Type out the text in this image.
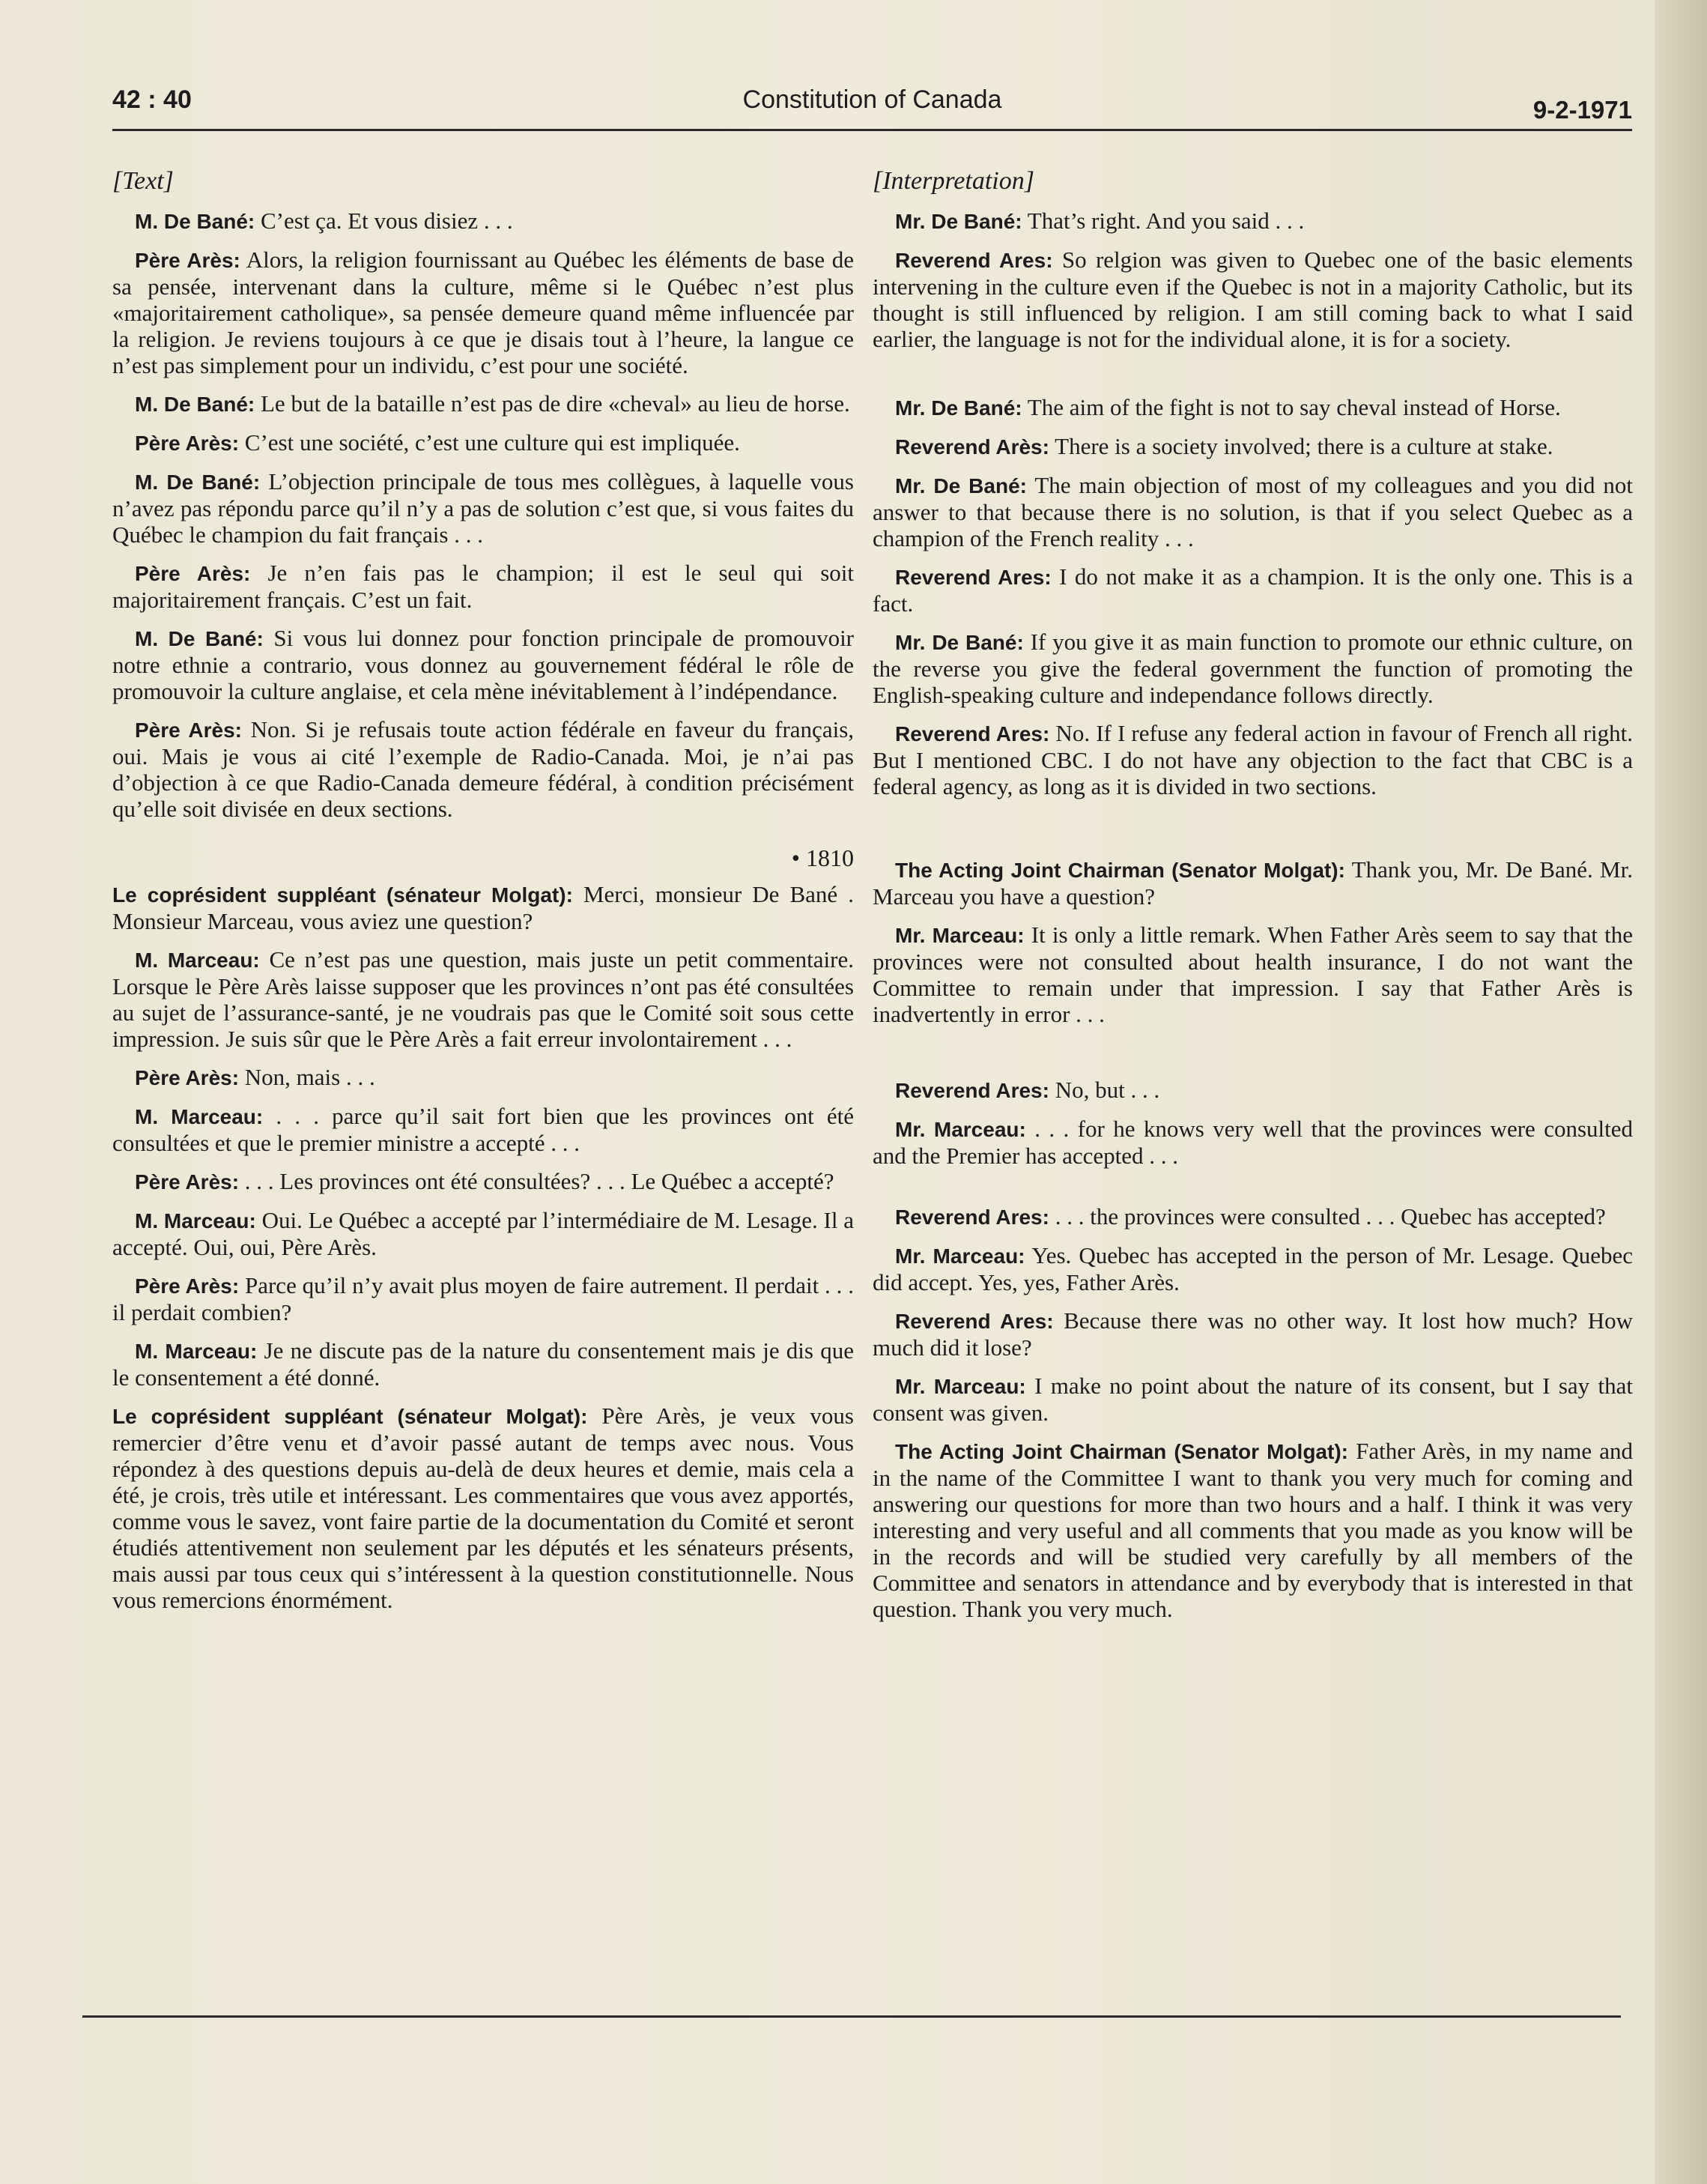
42 : 40	Constitution of Canada	9-2-1971
[Text]

M. De Bané: C’est ça. Et vous disiez . . .

Père Arès: Alors, la religion fournissant au Québec les éléments de base de sa pensée, intervenant dans la culture, même si le Québec n’est plus «majoritairement catholique», sa pensée demeure quand même influencée par la religion. Je reviens toujours à ce que je disais tout à l’heure, la langue ce n’est pas simplement pour un individu, c’est pour une société.

M. De Bané: Le but de la bataille n’est pas de dire «cheval» au lieu de horse.

Père Arès: C’est une société, c’est une culture qui est impliquée.

M. De Bané: L’objection principale de tous mes collègues, à laquelle vous n’avez pas répondu parce qu’il n’y a pas de solution c’est que, si vous faites du Québec le champion du fait français . . .

Père Arès: Je n’en fais pas le champion; il est le seul qui soit majoritairement français. C’est un fait.

M. De Bané: Si vous lui donnez pour fonction principale de promouvoir notre ethnie a contrario, vous donnez au gouvernement fédéral le rôle de promouvoir la culture anglaise, et cela mène inévitablement à l’indépendance.

Père Arès: Non. Si je refusais toute action fédérale en faveur du français, oui. Mais je vous ai cité l’exemple de Radio-Canada. Moi, je n’ai pas d’objection à ce que Radio-Canada demeure fédéral, à condition précisément qu’elle soit divisée en deux sections.

• 1810

Le coprésident suppléant (sénateur Molgat): Merci, monsieur De Bané . Monsieur Marceau, vous aviez une question?

M. Marceau: Ce n’est pas une question, mais juste un petit commentaire. Lorsque le Père Arès laisse supposer que les provinces n’ont pas été consultées au sujet de l’assurance-santé, je ne voudrais pas que le Comité soit sous cette impression. Je suis sûr que le Père Arès a fait erreur involontairement . . .

Père Arès: Non, mais . . .

M. Marceau: . . . parce qu’il sait fort bien que les provinces ont été consultées et que le premier ministre a accepté . . .

Père Arès: . . . Les provinces ont été consultées? . . . Le Québec a accepté?

M. Marceau: Oui. Le Québec a accepté par l’intermédiaire de M. Lesage. Il a accepté. Oui, oui, Père Arès.

Père Arès: Parce qu’il n’y avait plus moyen de faire autrement. Il perdait . . . il perdait combien?

M. Marceau: Je ne discute pas de la nature du consentement mais je dis que le consentement a été donné.

Le coprésident suppléant (sénateur Molgat): Père Arès, je veux vous remercier d’être venu et d’avoir passé autant de temps avec nous. Vous répondez à des questions depuis au-delà de deux heures et demie, mais cela a été, je crois, très utile et intéressant. Les commentaires que vous avez apportés, comme vous le savez, vont faire partie de la documentation du Comité et seront étudiés attentivement non seulement par les députés et les sénateurs présents, mais aussi par tous ceux qui s’intéressent à la question constitutionnelle. Nous vous remercions énormément.

[Interpretation]

Mr. De Bané: That’s right. And you said . . .

Reverend Ares: So relgion was given to Quebec one of the basic elements intervening in the culture even if the Quebec is not in a majority Catholic, but its thought is still influenced by religion. I am still coming back to what I said earlier, the language is not for the individual alone, it is for a society.

Mr. De Bané: The aim of the fight is not to say cheval instead of Horse.

Reverend Arès: There is a society involved; there is a culture at stake.

Mr. De Bané: The main objection of most of my colleagues and you did not answer to that because there is no solution, is that if you select Quebec as a champion of the French reality . . .

Reverend Ares: I do not make it as a champion. It is the only one. This is a fact.

Mr. De Bané: If you give it as main function to promote our ethnic culture, on the reverse you give the federal government the function of promoting the English-speaking culture and independance follows directly.

Reverend Ares: No. If I refuse any federal action in favour of French all right. But I mentioned CBC. I do not have any objection to the fact that CBC is a federal agency, as long as it is divided in two sections.

The Acting Joint Chairman (Senator Molgat): Thank you, Mr. De Bané. Mr. Marceau you have a question?

Mr. Marceau: It is only a little remark. When Father Arès seem to say that the provinces were not consulted about health insurance, I do not want the Committee to remain under that impression. I say that Father Arès is inadvertently in error . . .

Reverend Ares: No, but . . .

Mr. Marceau: . . . for he knows very well that the provinces were consulted and the Premier has accepted . . .

Reverend Ares: . . . the provinces were consulted . . . Quebec has accepted?

Mr. Marceau: Yes. Quebec has accepted in the person of Mr. Lesage. Quebec did accept. Yes, yes, Father Arès.

Reverend Ares: Because there was no other way. It lost how much? How much did it lose?

Mr. Marceau: I make no point about the nature of its consent, but I say that consent was given.

The Acting Joint Chairman (Senator Molgat): Father Arès, in my name and in the name of the Committee I want to thank you very much for coming and answering our questions for more than two hours and a half. I think it was very interesting and very useful and all comments that you made as you know will be in the records and will be studied very carefully by all members of the Committee and senators in attendance and by everybody that is interested in that question. Thank you very much.
